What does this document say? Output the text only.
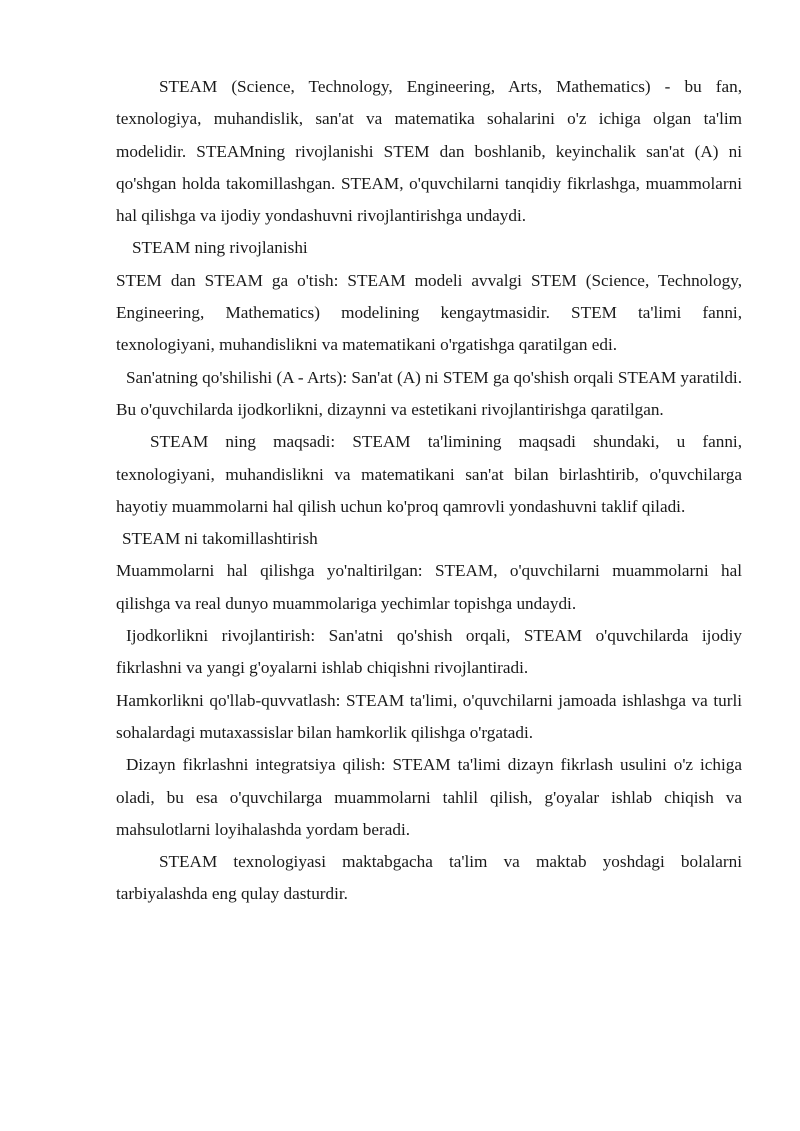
STEAM (Science, Technology, Engineering, Arts, Mathematics) - bu fan, texnologiya, muhandislik, san'at va matematika sohalarini o'z ichiga olgan ta'lim modelidir. STEAMning rivojlanishi STEM dan boshlanib, keyinchalik san'at (A) ni qo'shgan holda takomillashgan. STEAM, o'quvchilarni tanqidiy fikrlashga, muammolarni hal qilishga va ijodiy yondashuvni rivojlantirishga undaydi.

STEAM ning rivojlanishi

STEM dan STEAM ga o'tish: STEAM modeli avvalgi STEM (Science, Technology, Engineering, Mathematics) modelining kengaytmasidir. STEM ta'limi fanni, texnologiyani, muhandislikni va matematikani o'rgatishga qaratilgan edi.

San'atning qo'shilishi (A - Arts): San'at (A) ni STEM ga qo'shish orqali STEAM yaratildi. Bu o'quvchilarda ijodkorlikni, dizaynni va estetikani rivojlantirishga qaratilgan.

STEAM ning maqsadi: STEAM ta'limining maqsadi shundaki, u fanni, texnologiyani, muhandislikni va matematikani san'at bilan birlashtirib, o'quvchilarga hayotiy muammolarni hal qilish uchun ko'proq qamrovli yondashuvni taklif qiladi.

STEAM ni takomillashtirish

Muammolarni hal qilishga yo'naltirilgan: STEAM, o'quvchilarni muammolarni hal qilishga va real dunyo muammolariga yechimlar topishga undaydi.

Ijodkorlikni rivojlantirish: San'atni qo'shish orqali, STEAM o'quvchilarda ijodiy fikrlashni va yangi g'oyalarni ishlab chiqishni rivojlantiradi.

Hamkorlikni qo'llab-quvvatlash: STEAM ta'limi, o'quvchilarni jamoada ishlashga va turli sohalardagi mutaxassislar bilan hamkorlik qilishga o'rgatadi.

Dizayn fikrlashni integratsiya qilish: STEAM ta'limi dizayn fikrlash usulini o'z ichiga oladi, bu esa o'quvchilarga muammolarni tahlil qilish, g'oyalar ishlab chiqish va mahsulotlarni loyihalashda yordam beradi.

STEAM texnologiyasi maktabgacha ta'lim va maktab yoshdagi bolalarni tarbiyalashda eng qulay dasturdir.
